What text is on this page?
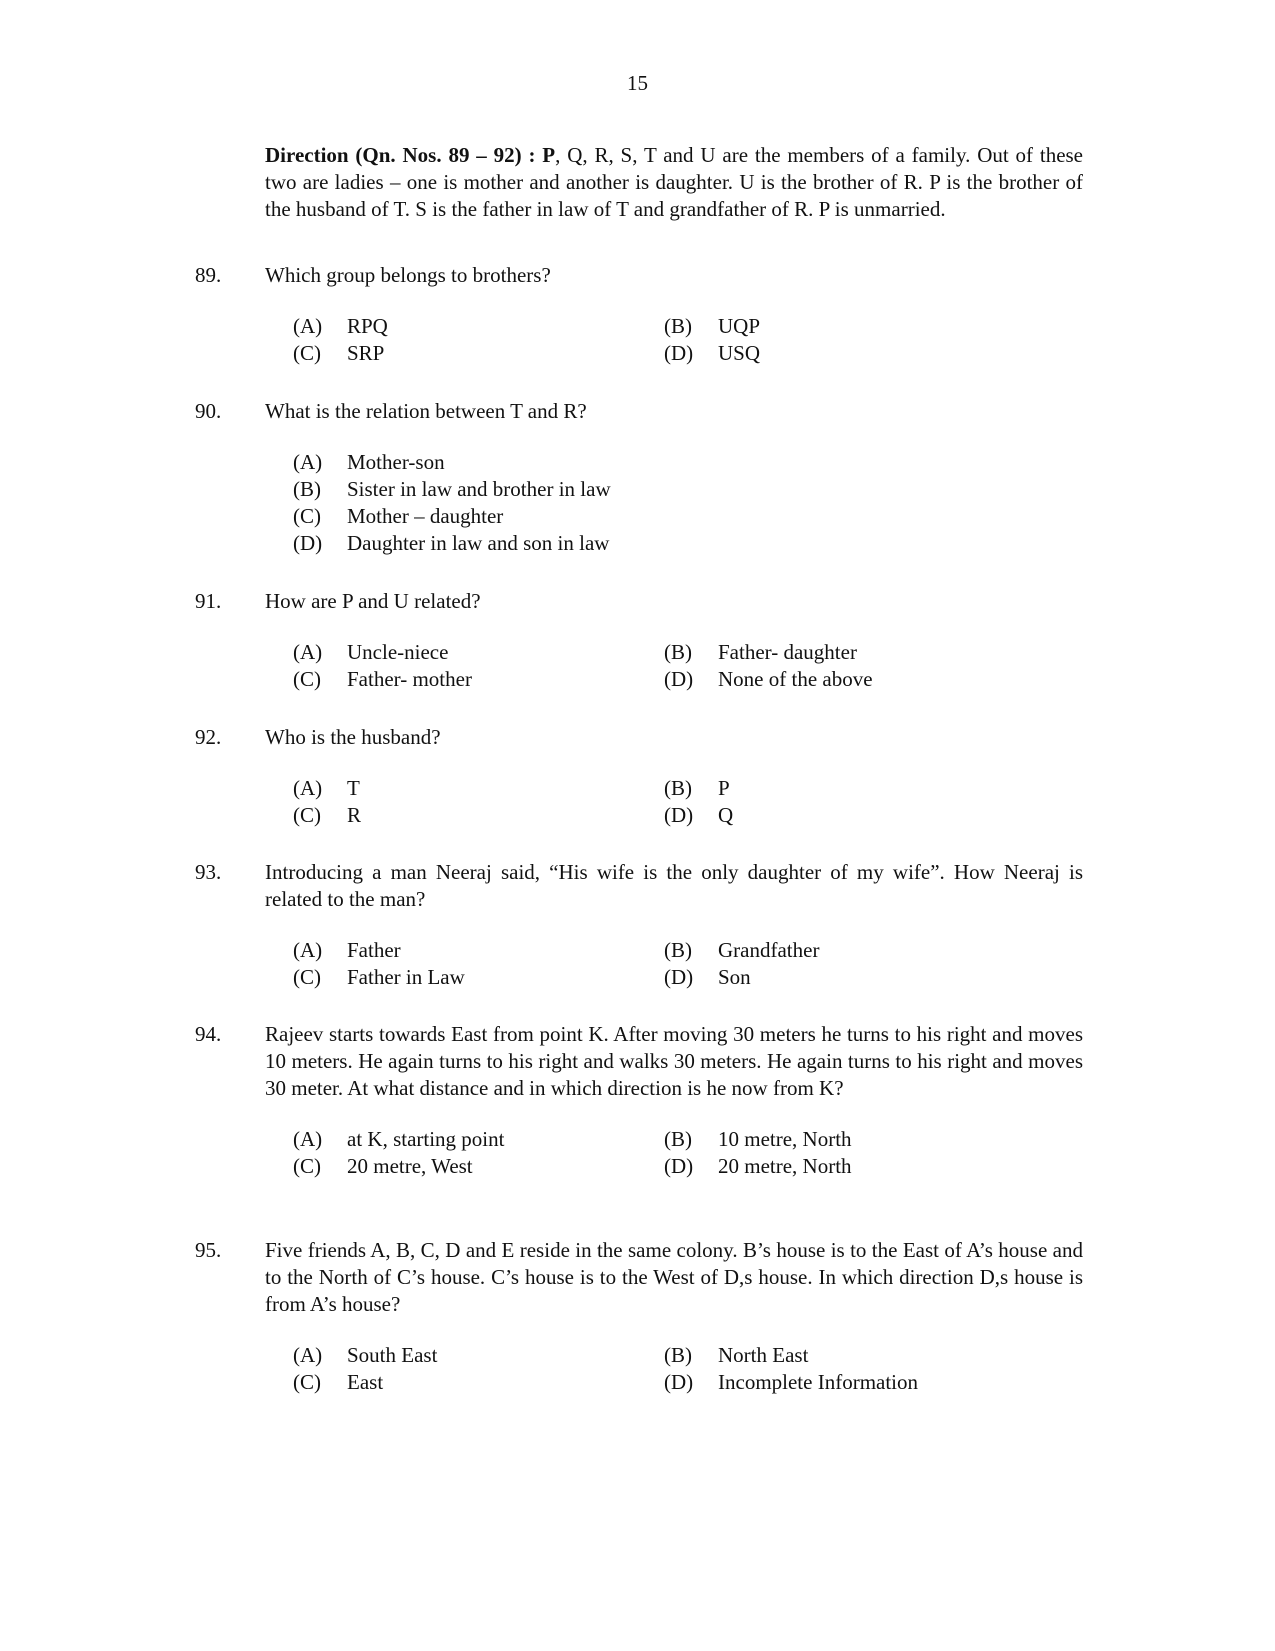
15
Direction (Qn. Nos. 89 – 92) : P, Q, R, S, T and U are the members of a family. Out of these two are ladies – one is mother and another is daughter. U is the brother of R. P is the brother of the husband of T. S is the father in law of T and grandfather of R. P is unmarried.
89. Which group belongs to brothers?
(A) RPQ	(B) UQP
(C) SRP	(D) USQ
90. What is the relation between T and R?
(A) Mother-son
(B) Sister in law and brother in law
(C) Mother – daughter
(D) Daughter in law and son in law
91. How are P and U related?
(A) Uncle-niece	(B) Father- daughter
(C) Father- mother	(D) None of the above
92. Who is the husband?
(A) T	(B) P
(C) R	(D) Q
93. Introducing a man Neeraj said, “His wife is the only daughter of my wife”. How Neeraj is related to the man?
(A) Father	(B) Grandfather
(C) Father in Law	(D) Son
94. Rajeev starts towards East from point K. After moving 30 meters he turns to his right and moves 10 meters. He again turns to his right and walks 30 meters. He again turns to his right and moves 30 meter. At what distance and in which direction is he now from K?
(A) at K, starting point	(B) 10 metre, North
(C) 20 metre, West	(D) 20 metre, North
95. Five friends A, B, C, D and E reside in the same colony. B’s house is to the East of A’s house and to the North of C’s house. C’s house is to the West of D,s house. In which direction D,s house is from A’s house?
(A) South East	(B) North East
(C) East	(D) Incomplete Information
